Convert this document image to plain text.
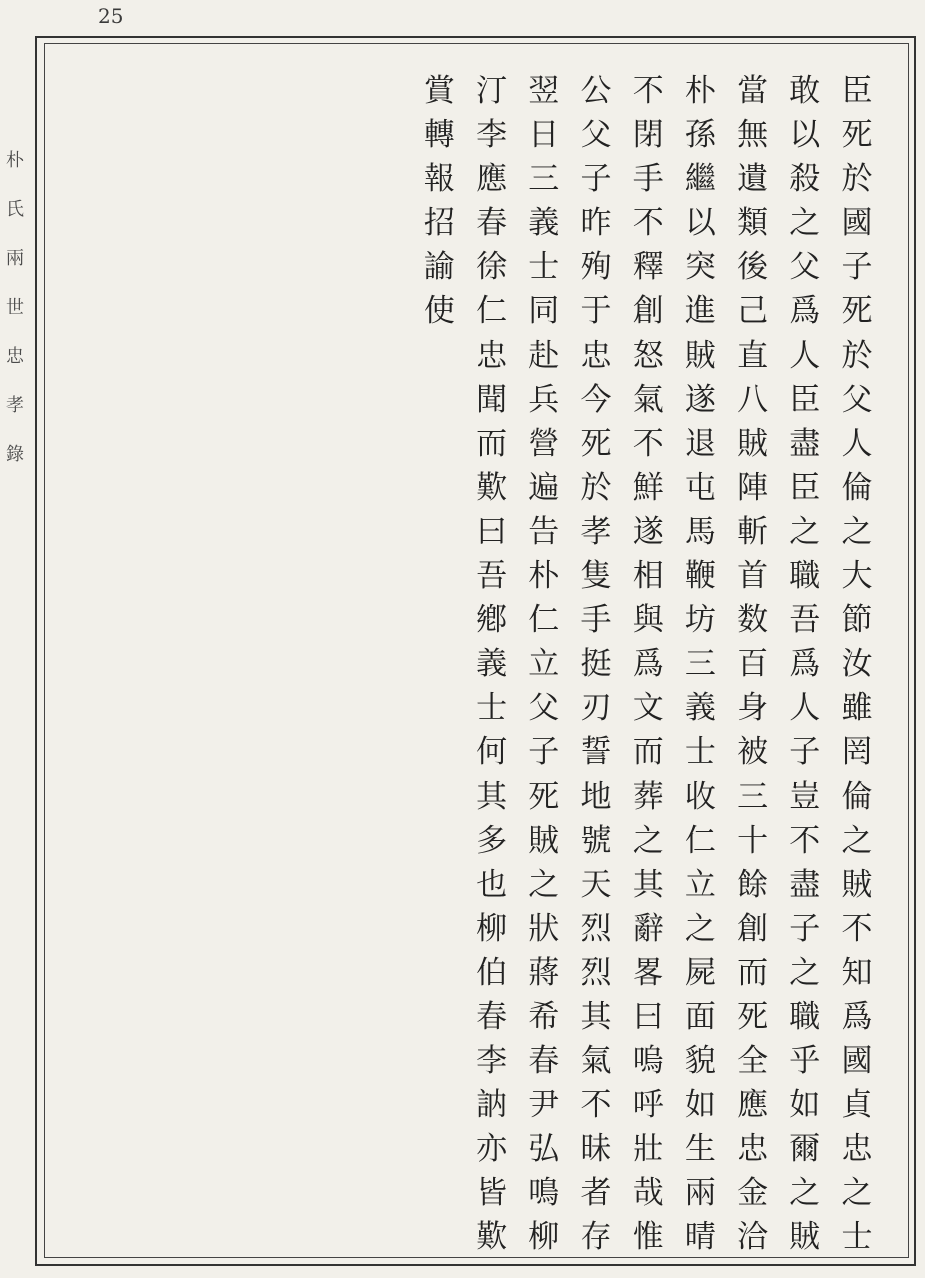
25
朴
氏
兩
世
忠
孝
錄
臣
死
於
國
子
死
於
父
人
倫
之
大
節
汝
雖
罔
倫
之
賊
不
知
爲
國
貞
忠
之
士
敢
以
殺
之
父
爲
人
臣
盡
臣
之
職
吾
爲
人
子
豈
不
盡
子
之
職
乎
如
爾
之
賊
當
無
遺
類
後
己
直
八
賊
陣
斬
首
数
百
身
被
三
十
餘
創
而
死
全
應
忠
金
洽
朴
孫
繼
以
突
進
賊
遂
退
屯
馬
鞭
坊
三
義
士
收
仁
立
之
屍
面
貌
如
生
兩
晴
不
閉
手
不
釋
創
怒
氣
不
鮮
遂
相
與
爲
文
而
葬
之
其
辭
畧
曰
嗚
呼
壯
哉
惟
公
父
子
昨
殉
于
忠
今
死
於
孝
隻
手
挺
刃
誓
地
號
天
烈
烈
其
氣
不
昧
者
存
翌
日
三
義
士
同
赴
兵
營
遍
告
朴
仁
立
父
子
死
賊
之
狀
蔣
希
春
尹
弘
鳴
柳
汀
李
應
春
徐
仁
忠
聞
而
歎
曰
吾
鄕
義
士
何
其
多
也
柳
伯
春
李
訥
亦
皆
歎
賞
轉
報
招
諭
使
